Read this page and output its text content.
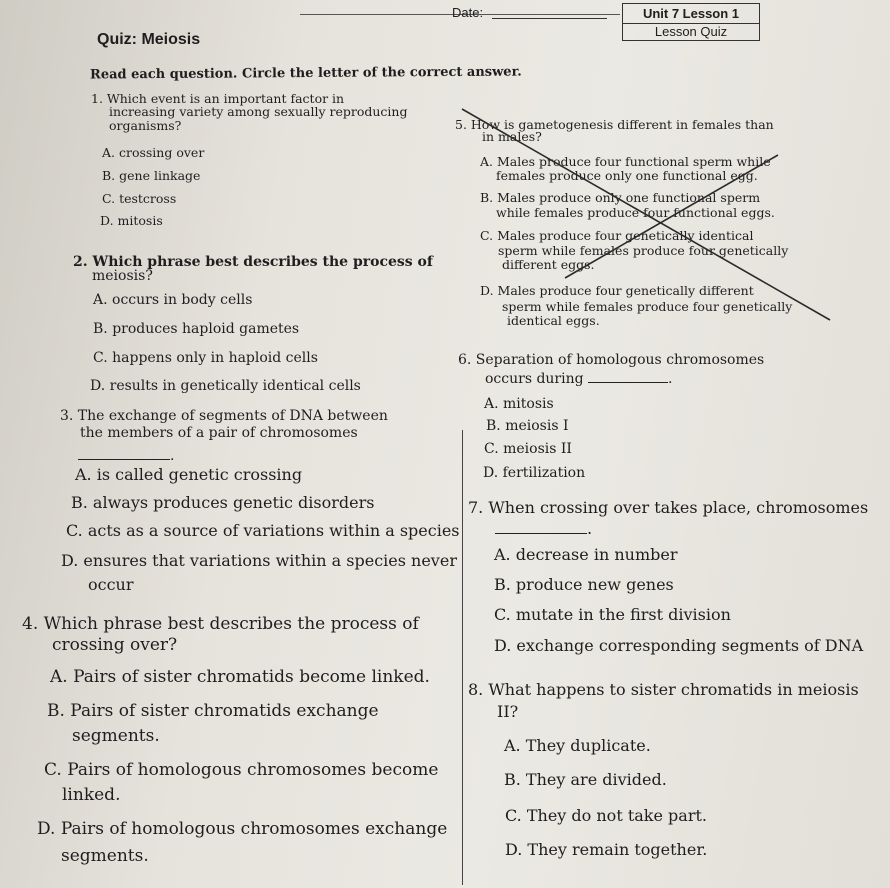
Date:	Unit 7 Lesson 1
Lesson Quiz
Quiz: Meiosis
Read each question. Circle the letter of the correct answer.
1. Which event is an important factor in
increasing variety among sexually reproducing
organisms?
A. crossing over
B. gene linkage
C. testcross
D. mitosis
2. Which phrase best describes the process of
meiosis?
A. occurs in body cells
B. produces haploid gametes
C. happens only in haploid cells
D. results in genetically identical cells
3. The exchange of segments of DNA between
the members of a pair of chromosomes
.
A. is called genetic crossing
B. always produces genetic disorders
C. acts as a source of variations within a species
D. ensures that variations within a species never
occur
4. Which phrase best describes the process of
crossing over?
A. Pairs of sister chromatids become linked.
B. Pairs of sister chromatids exchange
segments.
C. Pairs of homologous chromosomes become
linked.
D. Pairs of homologous chromosomes exchange
segments.
5. How is gametogenesis different in females than
in males?
A. Males produce four functional sperm while
females produce only one functional egg.
B. Males produce only one functional sperm
while females produce four functional eggs.
C. Males produce four genetically identical
sperm while females produce four genetically
different eggs.
D. Males produce four genetically different
sperm while females produce four genetically
identical eggs.
6. Separation of homologous chromosomes
occurs during	.
A. mitosis
B. meiosis I
C. meiosis II
D. fertilization
7. When crossing over takes place, chromosomes
.
A. decrease in number
B. produce new genes
C. mutate in the first division
D. exchange corresponding segments of DNA
8. What happens to sister chromatids in meiosis
II?
A. They duplicate.
B. They are divided.
C. They do not take part.
D. They remain together.
